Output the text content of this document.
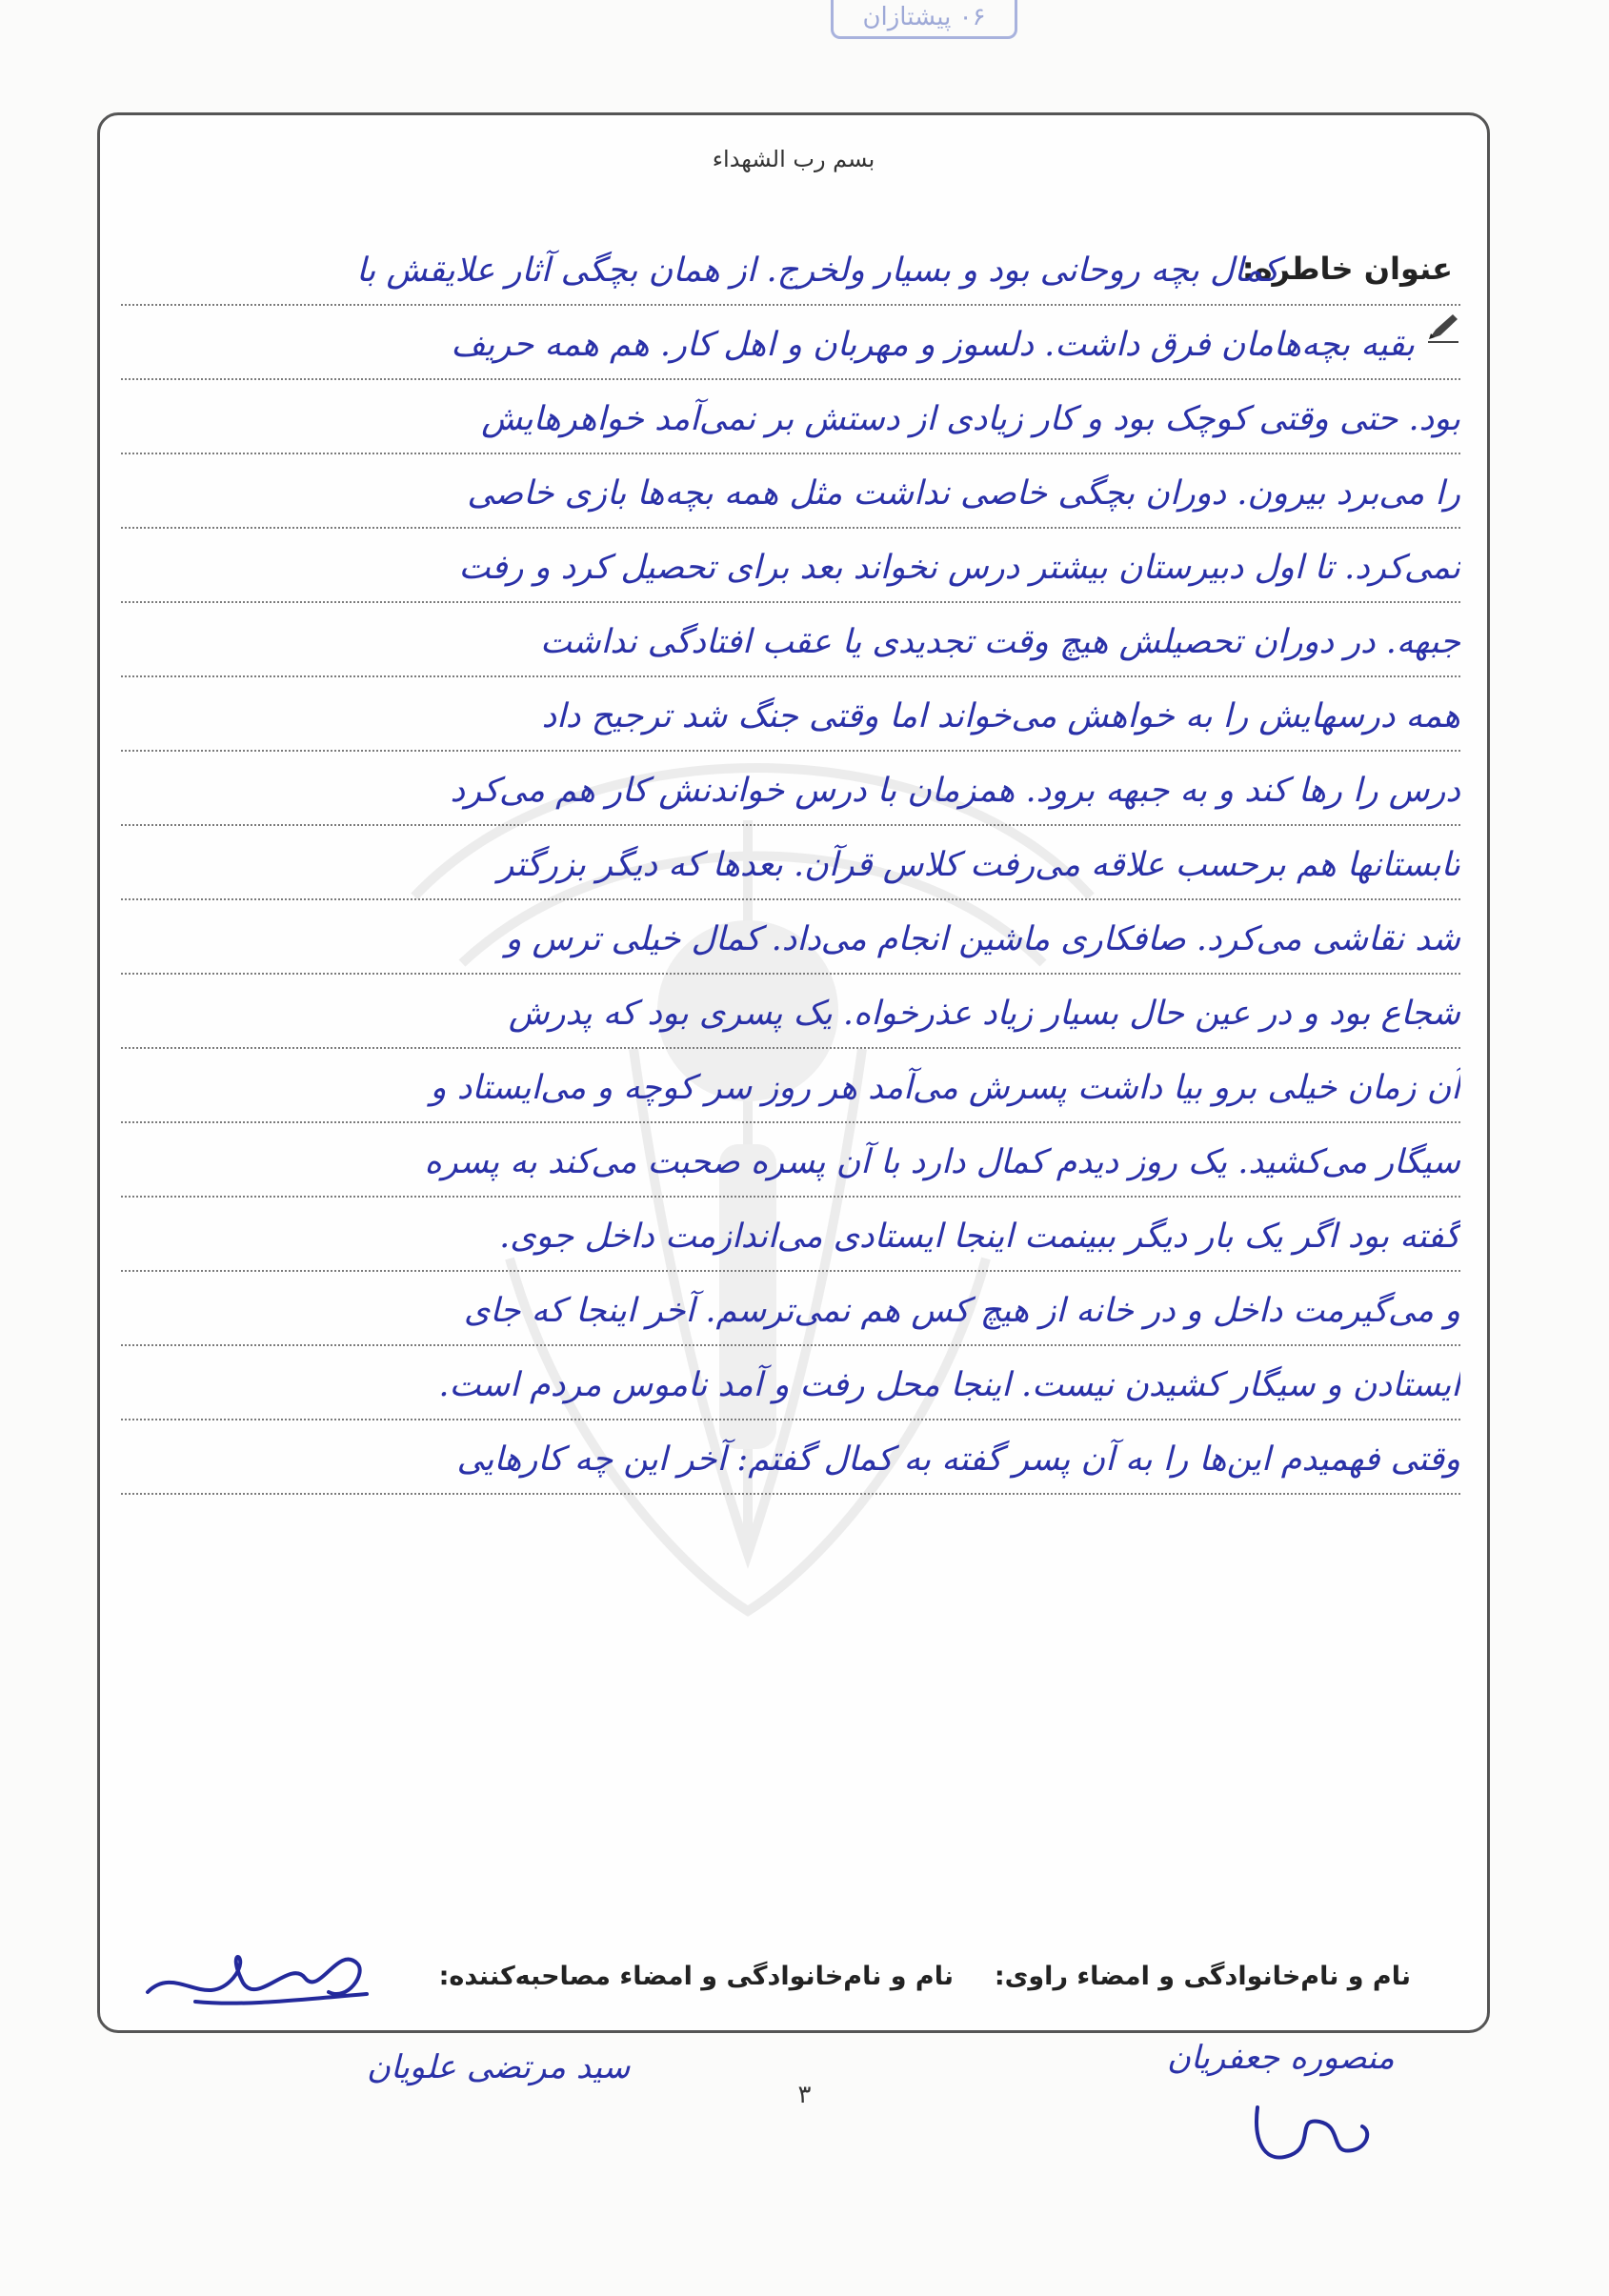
۰۶ پیشتازان
بسم رب الشهداء
عنوان خاطره:
کمال بچه روحانی بود و بسیار ولخرج. از همان بچگی آثار علایقش با
بقیه بچه‌هامان فرق داشت. دلسوز و مهربان و اهل کار. هم همه حریف
بود. حتی وقتی کوچک بود و کار زیادی از دستش بر نمی‌آمد خواهرهایش
را می‌برد بیرون. دوران بچگی خاصی نداشت مثل همه بچه‌ها بازی خاصی
نمی‌کرد. تا اول دبیرستان بیشتر درس نخواند بعد برای تحصیل کرد و رفت
جبهه. در دوران تحصیلش هیچ وقت تجدیدی یا عقب افتادگی نداشت
همه درسهایش را به خواهش می‌خواند اما وقتی جنگ شد ترجیح داد
درس را رها کند و به جبهه برود. همزمان با درس خواندنش کار هم می‌کرد
تابستانها هم برحسب علاقه می‌رفت کلاس قرآن. بعدها که دیگر بزرگتر
شد نقاشی می‌کرد. صافکاری ماشین انجام می‌داد. کمال خیلی ترس و
شجاع بود و در عین حال بسیار زیاد عذرخواه. یک پسری بود که پدرش
آن زمان خیلی برو بیا داشت پسرش می‌آمد هر روز سر کوچه و می‌ایستاد و
سیگار می‌کشید. یک روز دیدم کمال دارد با آن پسره صحبت می‌کند به پسره
گفته بود اگر یک بار دیگر ببینمت اینجا ایستادی می‌اندازمت داخل جوی.
و می‌گیرمت داخل و در خانه از هیچ کس هم نمی‌ترسم. آخر اینجا که جای
ایستادن و سیگار کشیدن نیست. اینجا محل رفت و آمد ناموس مردم است.
وقتی فهمیدم این‌ها را به آن پسر گفته به کمال گفتم: آخر این چه کارهایی
نام و نام‌خانوادگی و امضاء راوی:
نام و نام‌خانوادگی و امضاء مصاحبه‌کننده:
سید مرتضی علویان	منصوره جعفریان
۳
